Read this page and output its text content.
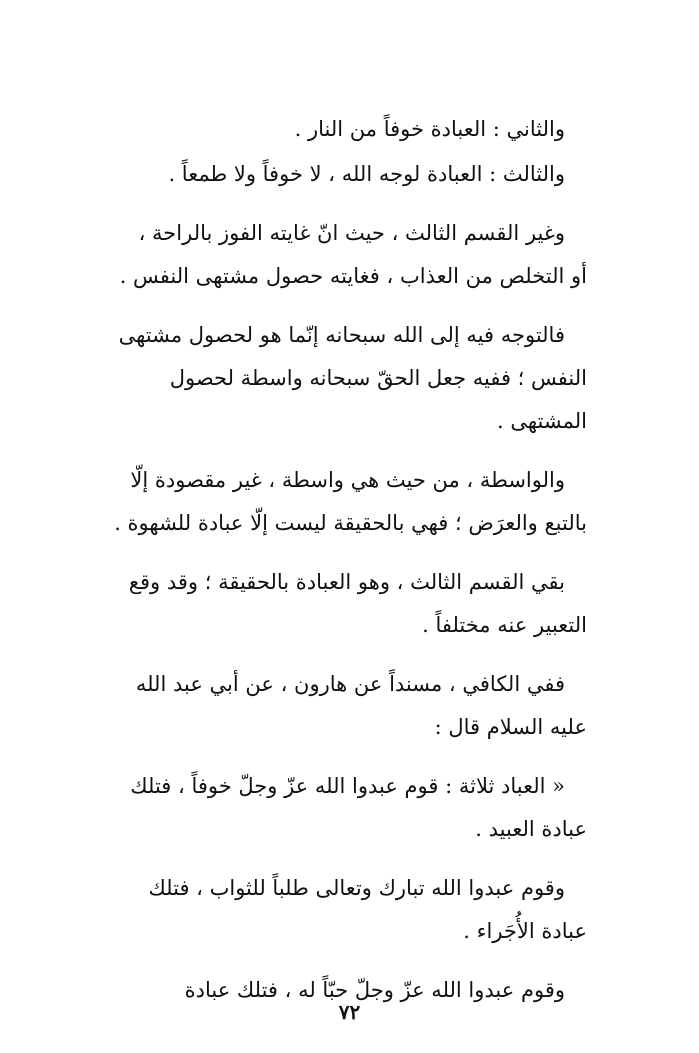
والثاني : العبادة خوفاً من النار .

والثالث : العبادة لوجه الله ، لا خوفاً ولا طمعاً .

وغير القسم الثالث ، حيث انّ غايته الفوز بالراحة ،
أو التخلص من العذاب ، فغايته حصول مشتهى النفس .

فالتوجه فيه إلى الله سبحانه إنّما هو لحصول مشتهى
النفس ؛ ففيه جعل الحقّ سبحانه واسطة لحصول
المشتهى .

والواسطة ، من حيث هي واسطة ، غير مقصودة إلّا
بالتبع والعرَض ؛ فهي بالحقيقة ليست إلّا عبادة للشهوة .

بقي القسم الثالث ، وهو العبادة بالحقيقة ؛ وقد وقع
التعبير عنه مختلفاً .

ففي الكافي ، مسنداً عن هارون ، عن أبي عبد الله
عليه السلام قال :

« العباد ثلاثة : قوم عبدوا الله عزّ وجلّ خوفاً ، فتلك
عبادة العبيد .

وقوم عبدوا الله تبارك وتعالى طلباً للثواب ، فتلك
عبادة الأُجَراء .

وقوم عبدوا الله عزّ وجلّ حبّاً له ، فتلك عبادة

٧٢
